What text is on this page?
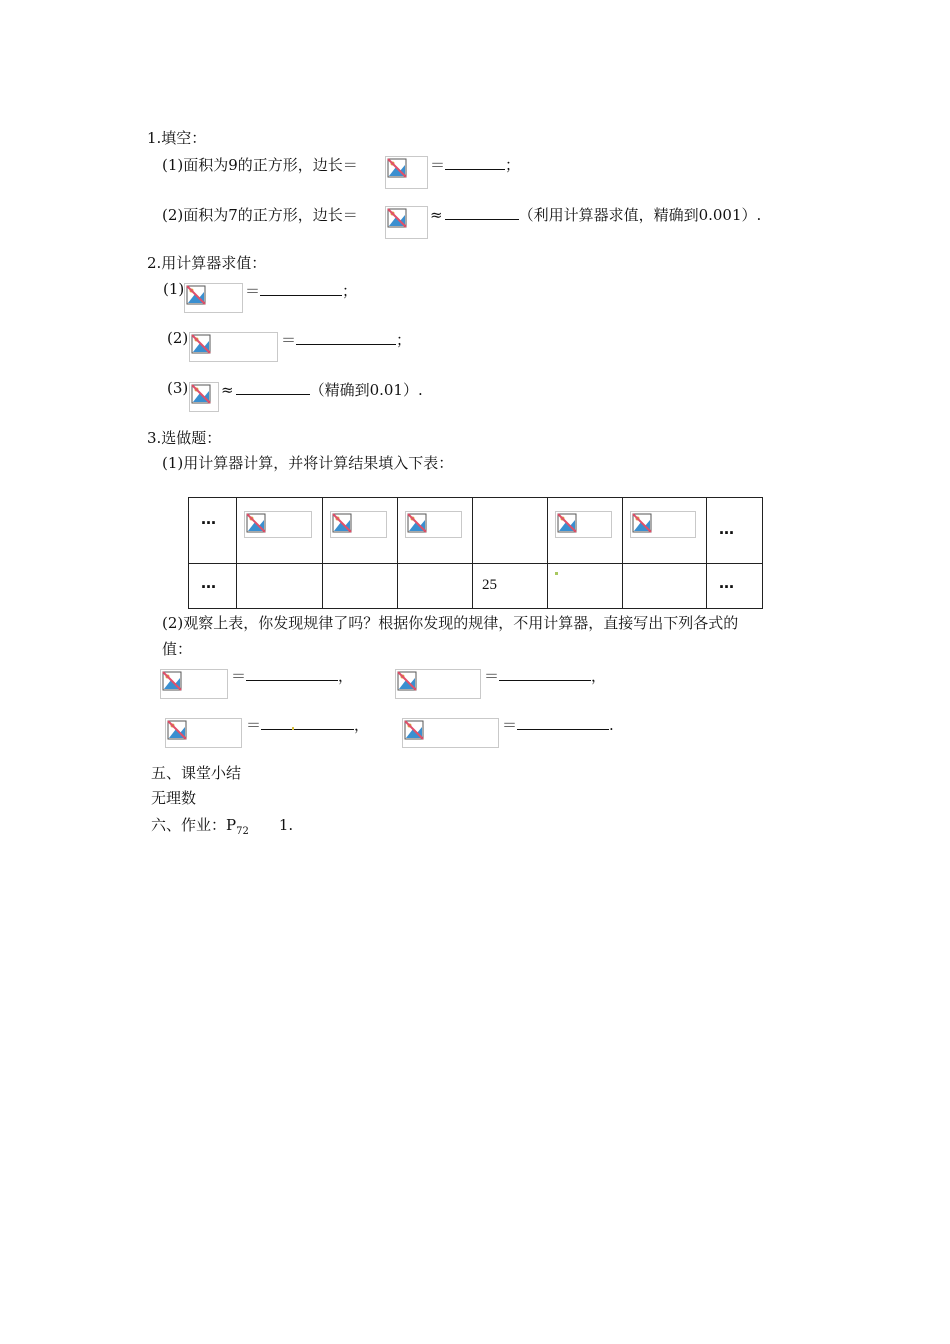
1.填空：
(1)面积为9的正方形，边长＝	＝	；
(2)面积为7的正方形，边长＝	≈	（利用计算器求值，精确到0.001）.
2.用计算器求值：
(1)	＝	；
(2)	＝	；
(3) ≈	（精确到0.01）.
3.选做题：
(1)用计算器计算，并将计算结果填入下表：
…							…

…				25			…
(2)观察上表，你发现规律了吗？根据你发现的规律，不用计算器，直接写出下列各式的
值：
＝	，	＝	，
＝	，	＝	.
五、课堂小结
无理数
六、作业：$P_{72}$ 1.
